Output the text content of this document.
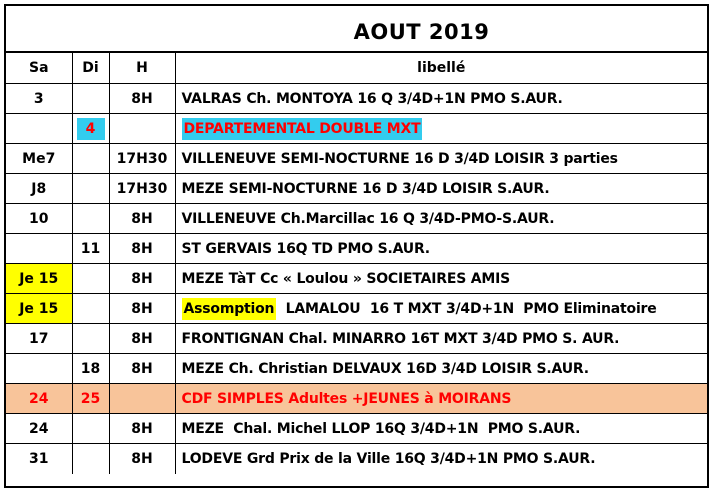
AOUT 2019
Sa	Di	H	libellé
3		8H	VALRAS Ch. MONTOYA 16 Q 3/4D+1N PMO S.AUR.

	4		DEPARTEMENTAL DOUBLE MXT
Me7		17H30	VILLENEUVE SEMI-NOCTURNE 16 D 3/4D LOISIR 3 parties
J8		17H30	MEZE SEMI-NOCTURNE 16 D 3/4D LOISIR S.AUR.
10		8H	VILLENEUVE Ch.Marcillac 16 Q 3/4D-PMO-S.AUR.
	11	8H	ST GERVAIS 16Q TD PMO S.AUR.
Je 15		8H	MEZE TàT Cc « Loulou » SOCIETAIRES AMIS
Je 15		8H	Assomption  LAMALOU  16 T MXT 3/4D+1N  PMO Eliminatoire
17		8H	FRONTIGNAN Chal. MINARRO 16T MXT 3/4D PMO S. AUR.
	18	8H	MEZE Ch. Christian DELVAUX 16D 3/4D LOISIR S.AUR.
24	25		CDF SIMPLES Adultes +JEUNES à MOIRANS
24		8H	MEZE  Chal. Michel LLOP 16Q 3/4D+1N  PMO S.AUR.
31		8H	LODEVE Grd Prix de la Ville 16Q 3/4D+1N PMO S.AUR.
